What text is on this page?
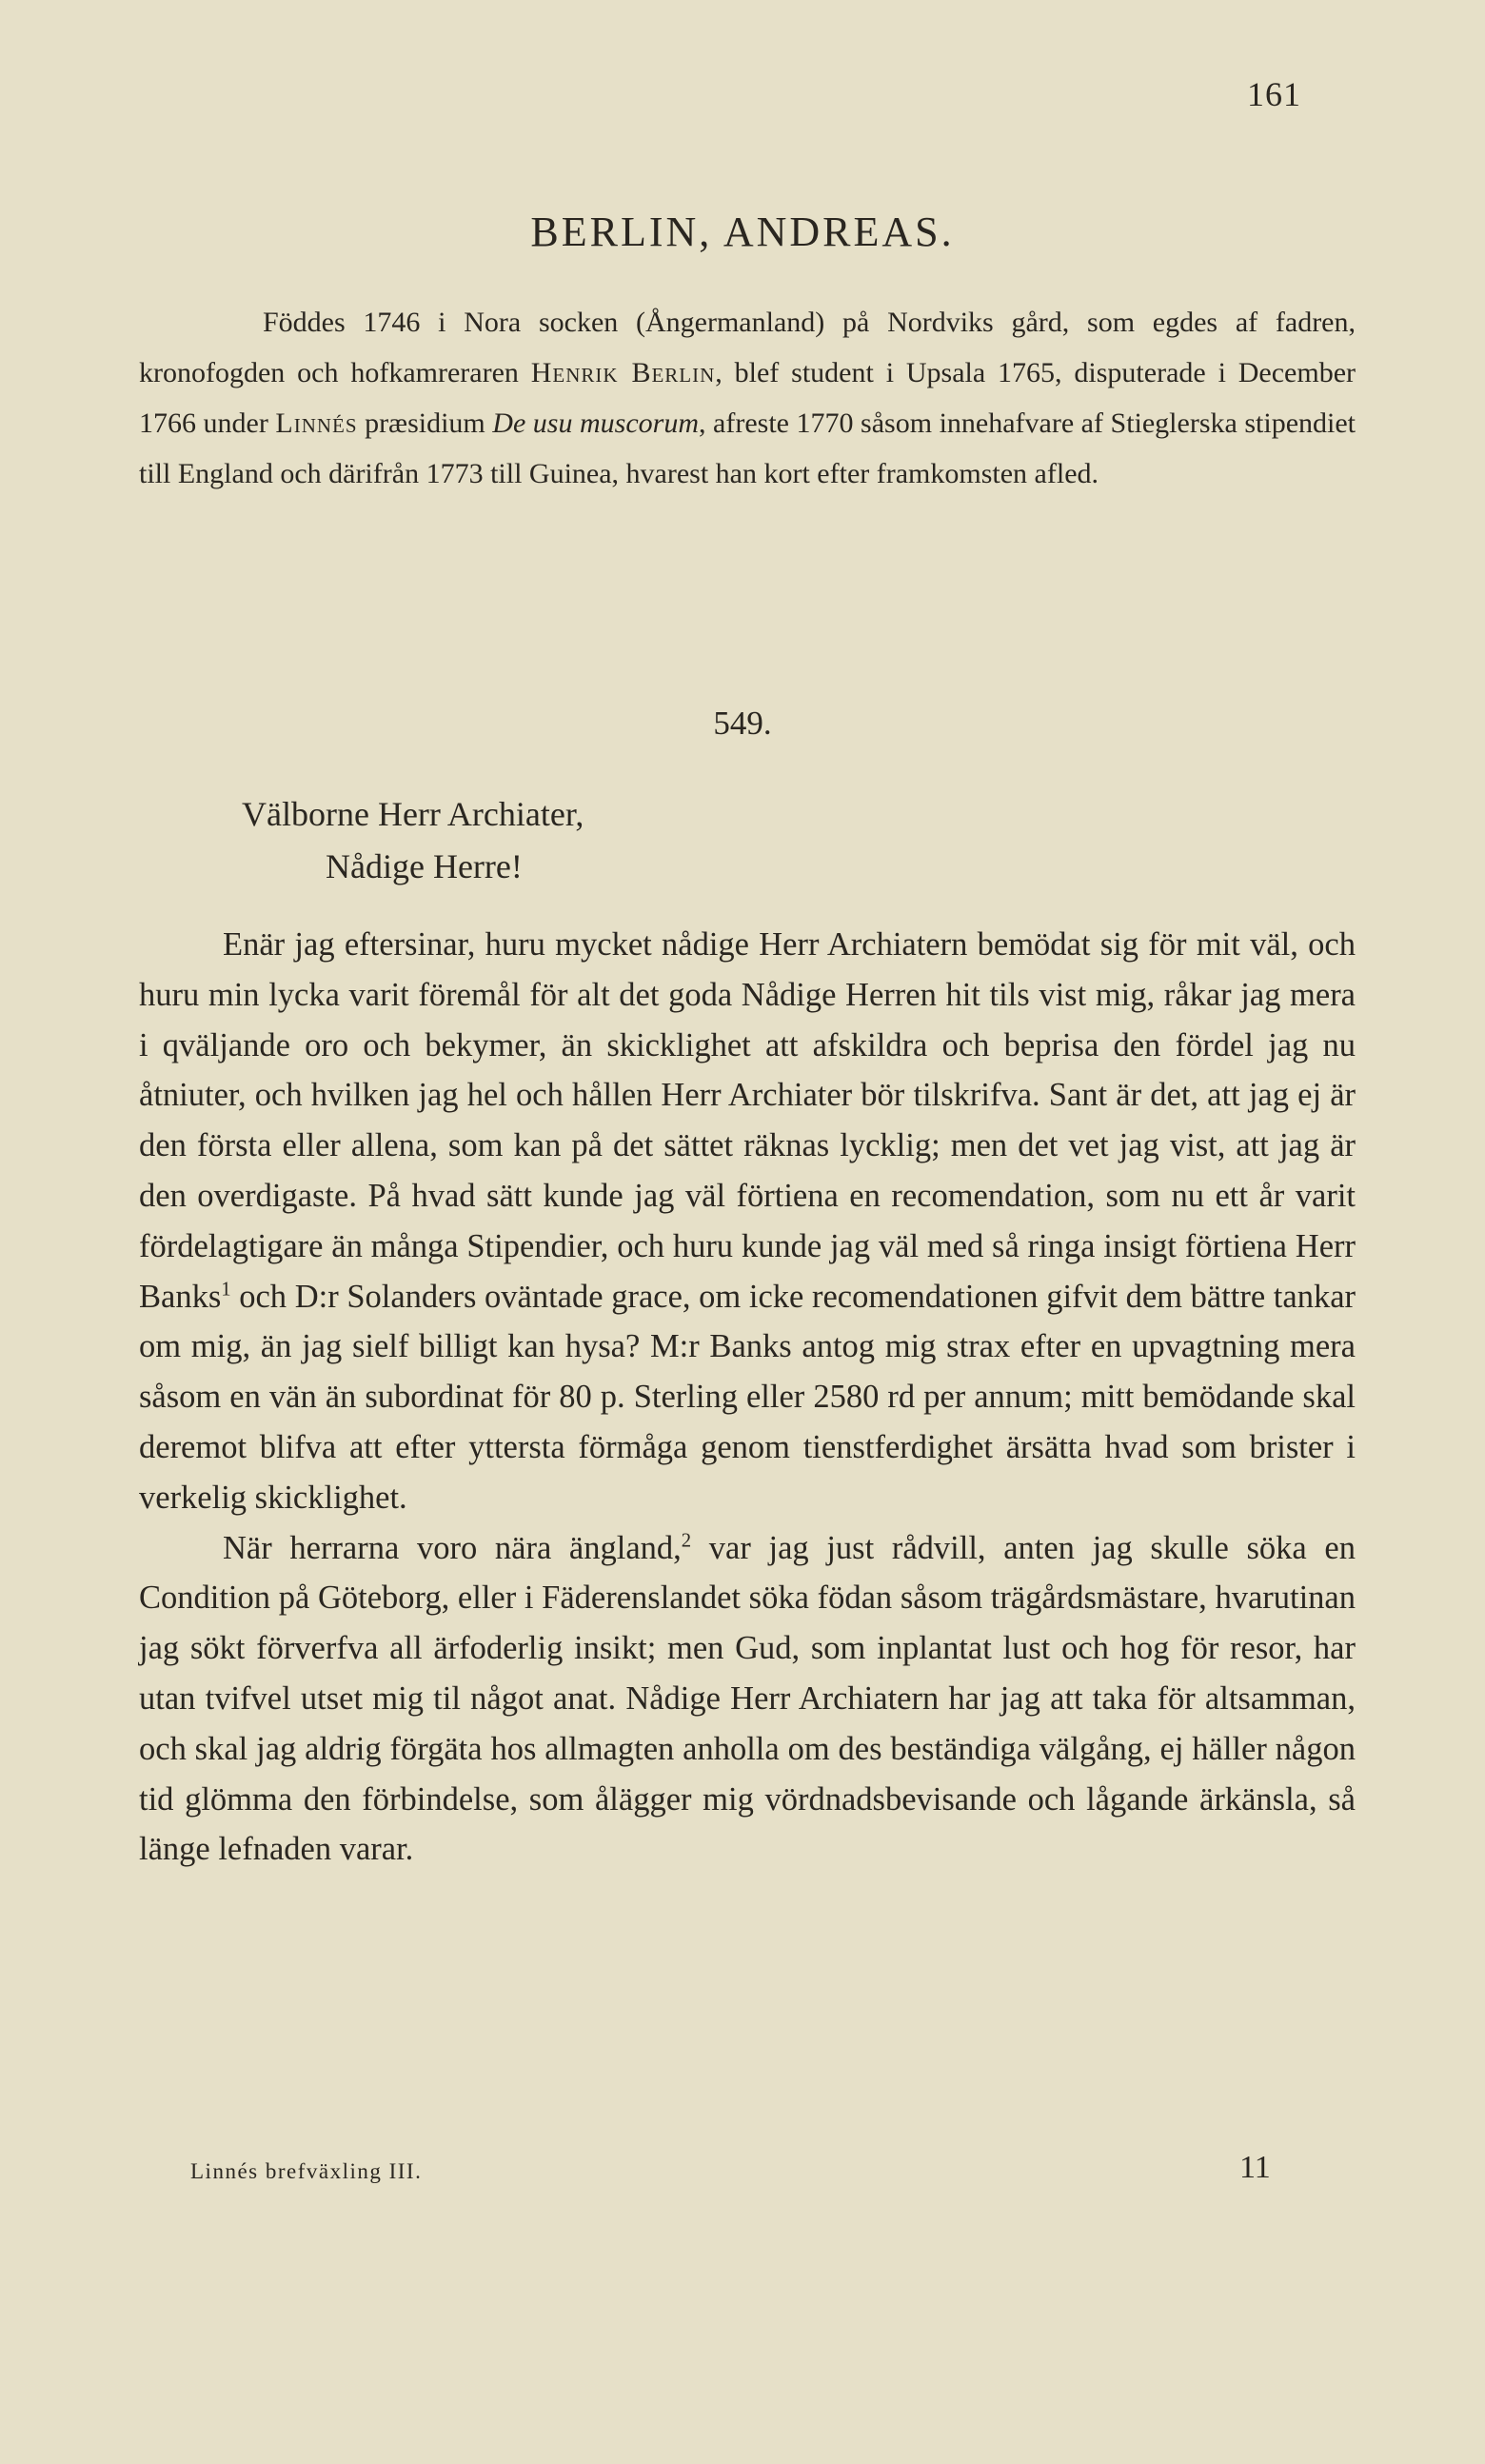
161
BERLIN, ANDREAS.

Föddes 1746 i Nora socken (Ångermanland) på Nordviks gård, som egdes af fadren, kronofogden och hofkamreraren Henrik Berlin, blef student i Upsala 1765, disputerade i December 1766 under Linnés præsidium De usu muscorum, afreste 1770 såsom innehafvare af Stieglerska stipendiet till England och därifrån 1773 till Guinea, hvarest han kort efter framkomsten afled.

549.
Välborne Herr Archiater,
Nådige Herre!

Enär jag eftersinar, huru mycket nådige Herr Archiatern bemödat sig för mit väl, och huru min lycka varit föremål för alt det goda Nådige Herren hit tils vist mig, råkar jag mera i qväljande oro och bekymer, än skicklighet att afskildra och beprisa den fördel jag nu åtniuter, och hvilken jag hel och hållen Herr Archiater bör tilskrifva. Sant är det, att jag ej är den första eller allena, som kan på det sättet räknas lycklig; men det vet jag vist, att jag är den overdigaste. På hvad sätt kunde jag väl förtiena en recomendation, som nu ett år varit fördelagtigare än många Stipendier, och huru kunde jag väl med så ringa insigt förtiena Herr Banks$^1$ och D:r Solanders oväntade grace, om icke recomendationen gifvit dem bättre tankar om mig, än jag sielf billigt kan hysa? M:r Banks antog mig strax efter en upvagtning mera såsom en vän än subordinat för 80 p. Sterling eller 2580 rd per annum; mitt bemödande skal deremot blifva att efter yttersta förmåga genom tienstferdighet ärsätta hvad som brister i verkelig skicklighet.

När herrarna voro nära ängland,$^2$ var jag just rådvill, anten jag skulle söka en Condition på Göteborg, eller i Fäderenslandet söka födan såsom trägårdsmästare, hvarutinan jag sökt förverfva all ärfoderlig insikt; men Gud, som inplantat lust och hog för resor, har utan tvifvel utset mig til något anat. Nådige Herr Archiatern har jag att taka för altsamman, och skal jag aldrig förgäta hos allmagten anholla om des beständiga välgång, ej häller någon tid glömma den förbindelse, som ålägger mig vördnadsbevisande och lågande ärkänsla, så länge lefnaden varar.

Linnés brefväxling III.	11
